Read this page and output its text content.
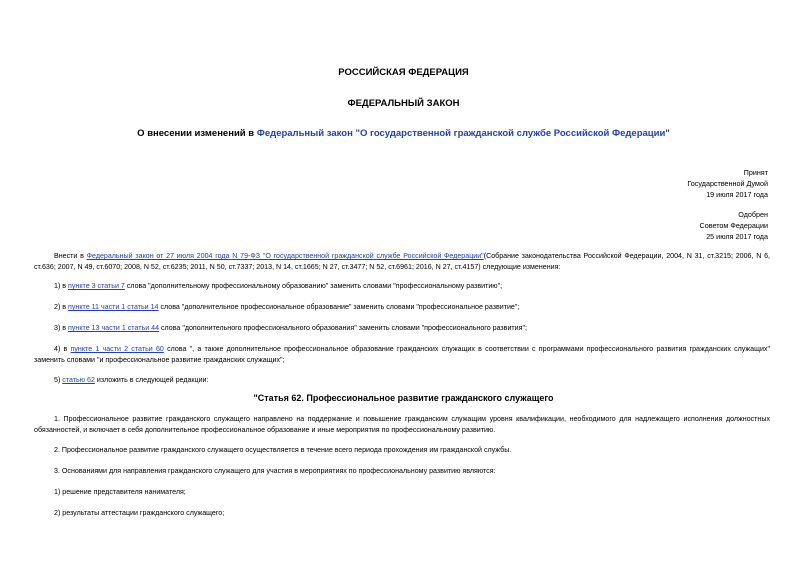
РОССИЙСКАЯ ФЕДЕРАЦИЯ
ФЕДЕРАЛЬНЫЙ ЗАКОН
О внесении изменений в Федеральный закон "О государственной гражданской службе Российской Федерации"
Принят
Государственной Думой
19 июля 2017 года
Одобрен
Советом Федерации
25 июля 2017 года
Внести в Федеральный закон от 27 июля 2004 года N 79-ФЗ "О государственной гражданской службе Российской Федерации"(Собрание законодательства Российской Федерации, 2004, N 31, ст.3215; 2006, N 6, ст.636; 2007, N 49, ст.6070; 2008, N 52, ст.6235; 2011, N 50, ст.7337; 2013, N 14, ст.1665; N 27, ст.3477; N 52, ст.6961; 2016, N 27, ст.4157) следующие изменения:
1) в пункте 3 статьи 7 слова "дополнительному профессиональному образованию" заменить словами "профессиональному развитию";
2) в пункте 11 части 1 статьи 14 слова "дополнительное профессиональное образование" заменить словами "профессиональное развитие";
3) в пункте 13 части 1 статьи 44 слова "дополнительного профессионального образования" заменить словами "профессионального развития";
4) в пункте 1 части 2 статьи 60 слова ", а также дополнительное профессиональное образование гражданских служащих в соответствии с программами профессионального развития гражданских служащих" заменить словами "и профессиональное развитие гражданских служащих";
5) статью 62 изложить в следующей редакции:
"Статья 62. Профессиональное развитие гражданского служащего
1. Профессиональное развитие гражданского служащего направлено на поддержание и повышение гражданским служащим уровня квалификации, необходимого для надлежащего исполнения должностных обязанностей, и включает в себя дополнительное профессиональное образование и иные мероприятия по профессиональному развитию.
2. Профессиональное развитие гражданского служащего осуществляется в течение всего периода прохождения им гражданской службы.
3. Основаниями для направления гражданского служащего для участия в мероприятиях по профессиональному развитию являются:
1) решение представителя нанимателя;
2) результаты аттестации гражданского служащего;
